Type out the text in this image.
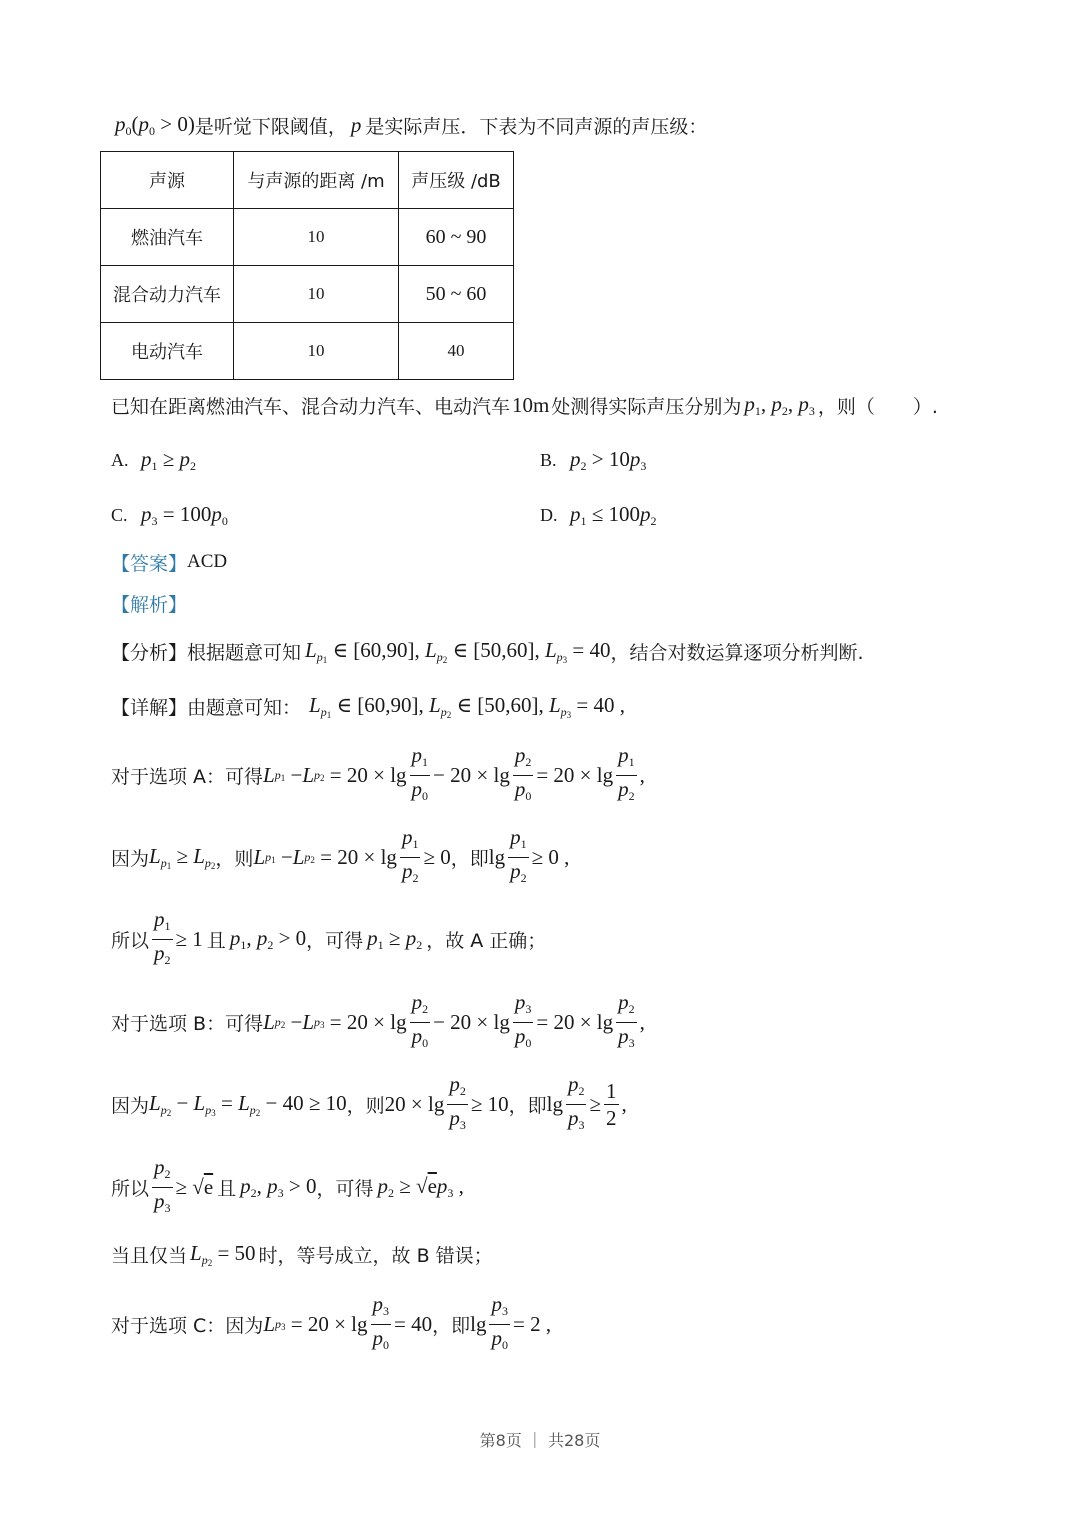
$p_0$ $(p_0 > 0)$ 是听觉下限阈值， p 是实际声压．下表为不同声源的声压级：
声源	与声源的距离 /m	声压级 /dB
燃油汽车	10	60 ~ 90
混合动力汽车	10	50 ~ 60
电动汽车	10	40
已知在距离燃油汽车、混合动力汽车、电动汽车 10m 处测得实际声压分别为 $p_1$, $p_2$, $p_3$ ，则（　　）.
A. $p_1 \ge p_2$	B. $p_2 > 10p_3$
C. $p_3 = 100p_0$	D. $p_1 \le 100p_2$
【答案】 ACD
【解析】
【分析】 根据题意可知 $L_{p_1}$ ∈ [60,90], $L_{p_2}$ ∈ [50,60], $L_{p_3} = 40$ ，结合对数运算逐项分析判断.
【详解】 由题意可知： $L_{p_1}$ ∈ [60,90], $L_{p_2}$ ∈ [50,60], $L_{p_3} = 40$ ,
对于选项 A：可得 L $p_1 - L$ $p_2 = 20 \times \lg \frac{p_1}{p_0} - 20 \times \lg \frac{p_2}{p_0} = 20 \times \lg \frac{p_1}{p_2}$ ,
因为 $L_{p_1} \ge L_{p_2}$ ，则 L $p_1 - L$ $p_2 = 20 \times \lg \frac{p_1}{p_2} \ge 0$ ，即 $\lg \frac{p_1}{p_2} \ge 0$ ,
所以 $\frac{p_1}{p_2} \ge 1$ 且 $p_1$, $p_2 > 0$ ，可得 $p_1 \ge p_2$ ，故 A 正确；
对于选项 B：可得 L $p_2 - L$ $p_3 = 20 \times \lg \frac{p_2}{p_0} - 20 \times \lg \frac{p_3}{p_0} = 20 \times \lg \frac{p_2}{p_3}$ ,
因为 $L_{p_2} - L_{p_3} = L_{p_2} - 40 \ge 10$ ，则 $20 \times \lg \frac{p_2}{p_3} \ge 10$ ，即 $\lg \frac{p_2}{p_3} \ge \frac{1}{2}$ ,
所以 $\frac{p_2}{p_3}$ ≥ √ e 且 $p_2$, $p_3 > 0$ ，可得 $p_2 \ge √ep_3$ ,
当且仅当 $L_{p_2} = 50$ 时，等号成立，故 B 错误；
对于选项 C：因为 L $p_3 = 20 \times \lg \frac{p_3}{p_0} = 40$ ，即 $\lg \frac{p_3}{p_0} = 2$ ,
第8页 ｜ 共28页
